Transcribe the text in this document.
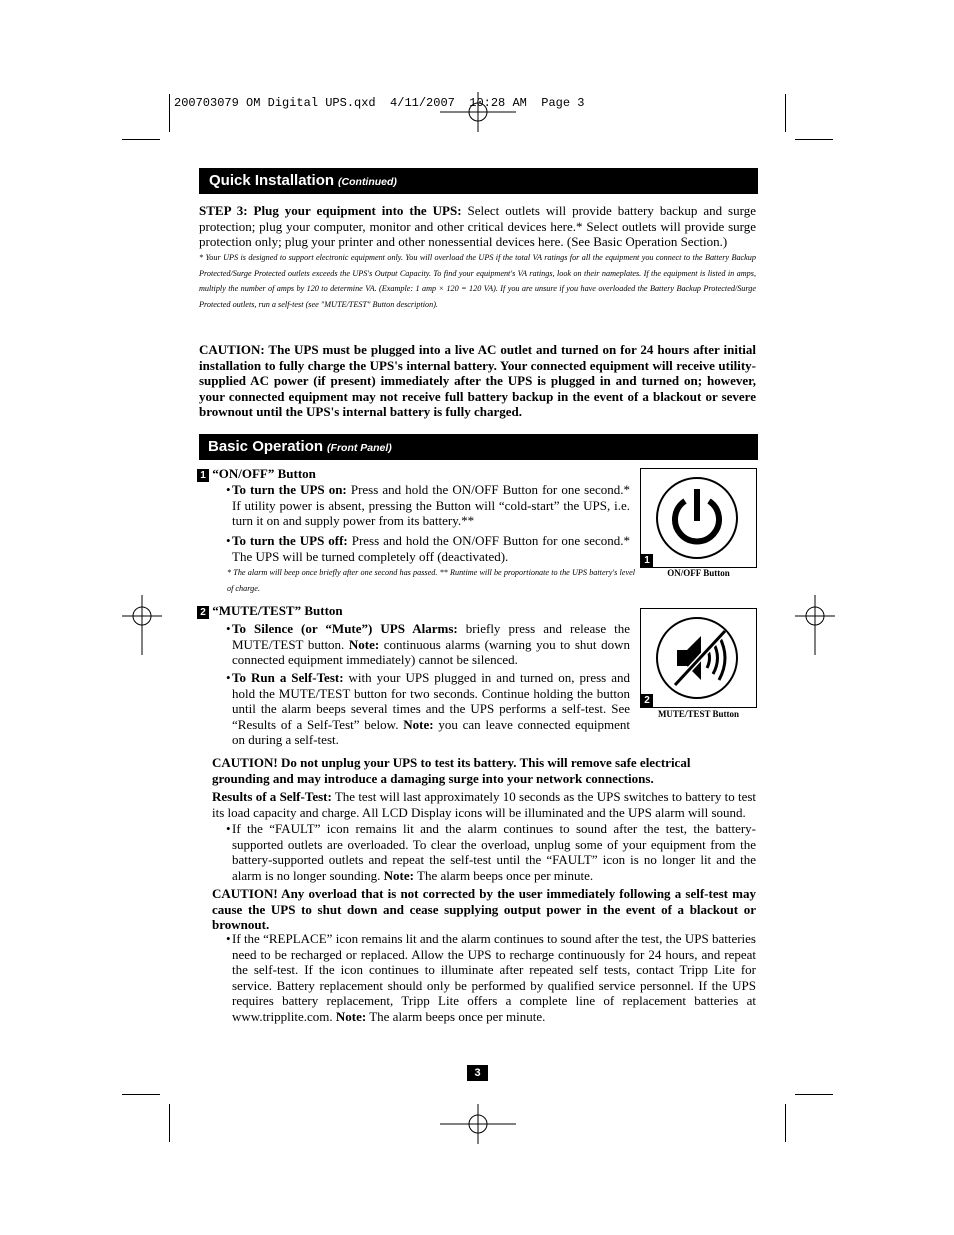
200703079 OM Digital UPS.qxd  4/11/2007  10:28 AM  Page 3
Quick Installation (Continued)
STEP 3: Plug your equipment into the UPS: Select outlets will provide battery backup and surge protection; plug your computer, monitor and other critical devices here.* Select outlets will provide surge protection only; plug your printer and other nonessential devices here. (See Basic Operation Section.)
* Your UPS is designed to support electronic equipment only. You will overload the UPS if the total VA ratings for all the equipment you connect to the Battery Backup Protected/Surge Protected outlets exceeds the UPS's Output Capacity. To find your equipment's VA ratings, look on their nameplates. If the equipment is listed in amps, multiply the number of amps by 120 to determine VA. (Example: 1 amp × 120 = 120 VA). If you are unsure if you have overloaded the Battery Backup Protected/Surge Protected outlets, run a self-test (see "MUTE/TEST" Button description).
CAUTION: The UPS must be plugged into a live AC outlet and turned on for 24 hours after initial installation to fully charge the UPS's internal battery. Your connected equipment will receive utility-supplied AC power (if present) immediately after the UPS is plugged in and turned on; however, your connected equipment may not receive full battery backup in the event of a blackout or severe brownout until the UPS's internal battery is fully charged.
Basic Operation (Front Panel)
1 “ON/OFF” Button
• To turn the UPS on: Press and hold the ON/OFF Button for one second.* If utility power is absent, pressing the Button will “cold-start” the UPS, i.e. turn it on and supply power from its battery.**
• To turn the UPS off: Press and hold the ON/OFF Button for one second.* The UPS will be turned completely off (deactivated).
* The alarm will beep once briefly after one second has passed. ** Runtime will be proportionate to the UPS battery's level of charge.
1
ON/OFF Button
2 “MUTE/TEST” Button
• To Silence (or “Mute”) UPS Alarms: briefly press and release the MUTE/TEST button. Note: continuous alarms (warning you to shut down connected equipment immediately) cannot be silenced.
• To Run a Self-Test: with your UPS plugged in and turned on, press and hold the MUTE/TEST button for two seconds. Continue holding the button until the alarm beeps several times and the UPS performs a self-test. See “Results of a Self-Test” below. Note: you can leave connected equipment on during a self-test.
2
MUTE/TEST Button
CAUTION! Do not unplug your UPS to test its battery. This will remove safe electrical grounding and may introduce a damaging surge into your network connections.
Results of a Self-Test: The test will last approximately 10 seconds as the UPS switches to battery to test its load capacity and charge. All LCD Display icons will be illuminated and the UPS alarm will sound.
• If the “FAULT” icon remains lit and the alarm continues to sound after the test, the battery-supported outlets are overloaded. To clear the overload, unplug some of your equipment from the battery-supported outlets and repeat the self-test until the “FAULT” icon is no longer lit and the alarm is no longer sounding. Note: The alarm beeps once per minute.
CAUTION! Any overload that is not corrected by the user immediately following a self-test may cause the UPS to shut down and cease supplying output power in the event of a blackout or brownout.
• If the “REPLACE” icon remains lit and the alarm continues to sound after the test, the UPS batteries need to be recharged or replaced. Allow the UPS to recharge continuously for 24 hours, and repeat the self-test. If the icon continues to illuminate after repeated self tests, contact Tripp Lite for service. Battery replacement should only be performed by qualified service personnel. If the UPS requires battery replacement, Tripp Lite offers a complete line of replacement batteries at www.tripplite.com. Note: The alarm beeps once per minute.
3
